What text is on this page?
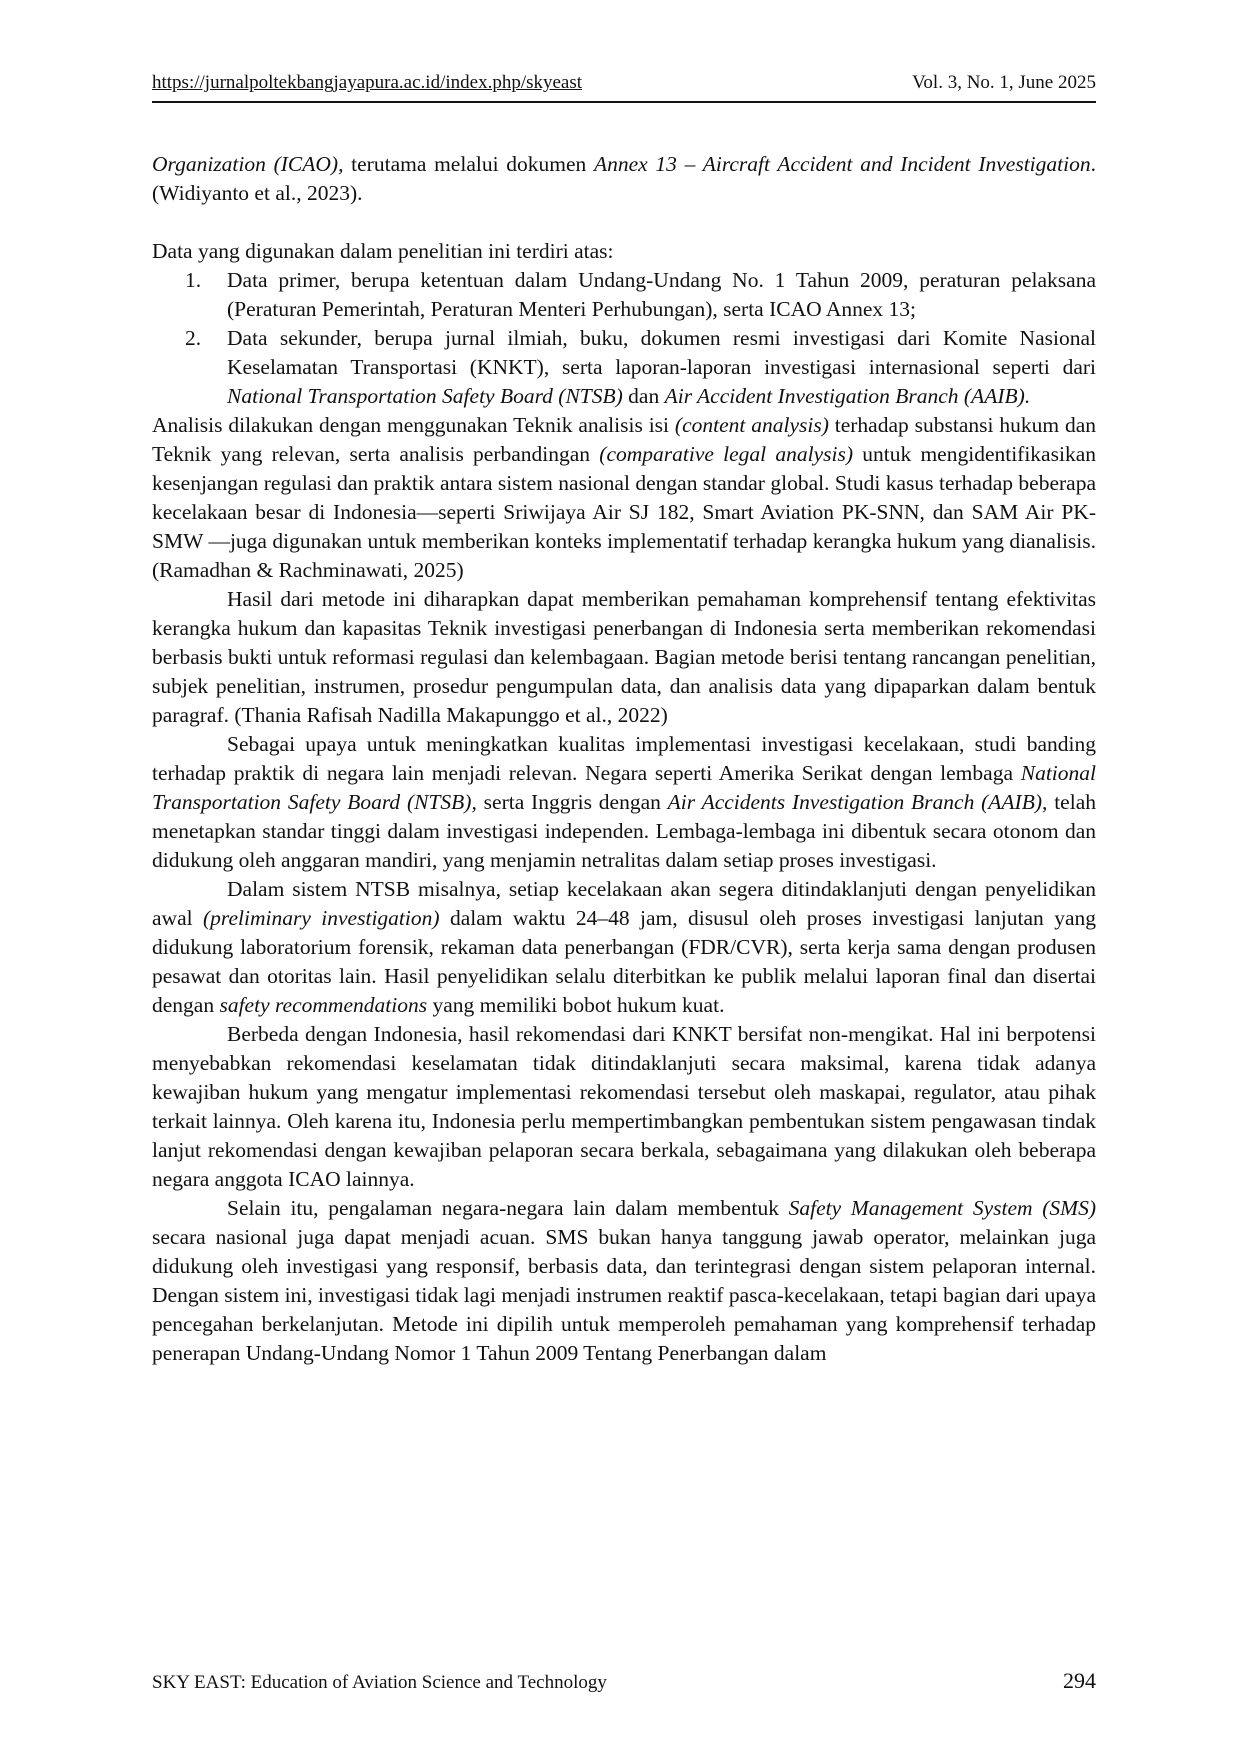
https://jurnalpoltekbangjayapura.ac.id/index.php/skyeast	Vol. 3, No. 1, June 2025

Organization (ICAO), terutama melalui dokumen Annex 13 – Aircraft Accident and Incident Investigation. (Widiyanto et al., 2023).

Data yang digunakan dalam penelitian ini terdiri atas:

1. Data primer, berupa ketentuan dalam Undang-Undang No. 1 Tahun 2009, peraturan pelaksana (Peraturan Pemerintah, Peraturan Menteri Perhubungan), serta ICAO Annex 13;
2. Data sekunder, berupa jurnal ilmiah, buku, dokumen resmi investigasi dari Komite Nasional Keselamatan Transportasi (KNKT), serta laporan-laporan investigasi internasional seperti dari National Transportation Safety Board (NTSB) dan Air Accident Investigation Branch (AAIB).

Analisis dilakukan dengan menggunakan Teknik analisis isi (content analysis) terhadap substansi hukum dan Teknik yang relevan, serta analisis perbandingan (comparative legal analysis) untuk mengidentifikasikan kesenjangan regulasi dan praktik antara sistem nasional dengan standar global. Studi kasus terhadap beberapa kecelakaan besar di Indonesia—seperti Sriwijaya Air SJ 182, Smart Aviation PK-SNN, dan SAM Air PK-SMW —juga digunakan untuk memberikan konteks implementatif terhadap kerangka hukum yang dianalisis. (Ramadhan & Rachminawati, 2025)

Hasil dari metode ini diharapkan dapat memberikan pemahaman komprehensif tentang efektivitas kerangka hukum dan kapasitas Teknik investigasi penerbangan di Indonesia serta memberikan rekomendasi berbasis bukti untuk reformasi regulasi dan kelembagaan. Bagian metode berisi tentang rancangan penelitian, subjek penelitian, instrumen, prosedur pengumpulan data, dan analisis data yang dipaparkan dalam bentuk paragraf. (Thania Rafisah Nadilla Makapunggo et al., 2022)

Sebagai upaya untuk meningkatkan kualitas implementasi investigasi kecelakaan, studi banding terhadap praktik di negara lain menjadi relevan. Negara seperti Amerika Serikat dengan lembaga National Transportation Safety Board (NTSB), serta Inggris dengan Air Accidents Investigation Branch (AAIB), telah menetapkan standar tinggi dalam investigasi independen. Lembaga-lembaga ini dibentuk secara otonom dan didukung oleh anggaran mandiri, yang menjamin netralitas dalam setiap proses investigasi.

Dalam sistem NTSB misalnya, setiap kecelakaan akan segera ditindaklanjuti dengan penyelidikan awal (preliminary investigation) dalam waktu 24–48 jam, disusul oleh proses investigasi lanjutan yang didukung laboratorium forensik, rekaman data penerbangan (FDR/CVR), serta kerja sama dengan produsen pesawat dan otoritas lain. Hasil penyelidikan selalu diterbitkan ke publik melalui laporan final dan disertai dengan safety recommendations yang memiliki bobot hukum kuat.

Berbeda dengan Indonesia, hasil rekomendasi dari KNKT bersifat non-mengikat. Hal ini berpotensi menyebabkan rekomendasi keselamatan tidak ditindaklanjuti secara maksimal, karena tidak adanya kewajiban hukum yang mengatur implementasi rekomendasi tersebut oleh maskapai, regulator, atau pihak terkait lainnya. Oleh karena itu, Indonesia perlu mempertimbangkan pembentukan sistem pengawasan tindak lanjut rekomendasi dengan kewajiban pelaporan secara berkala, sebagaimana yang dilakukan oleh beberapa negara anggota ICAO lainnya.

Selain itu, pengalaman negara-negara lain dalam membentuk Safety Management System (SMS) secara nasional juga dapat menjadi acuan. SMS bukan hanya tanggung jawab operator, melainkan juga didukung oleh investigasi yang responsif, berbasis data, dan terintegrasi dengan sistem pelaporan internal. Dengan sistem ini, investigasi tidak lagi menjadi instrumen reaktif pasca-kecelakaan, tetapi bagian dari upaya pencegahan berkelanjutan. Metode ini dipilih untuk memperoleh pemahaman yang komprehensif terhadap penerapan Undang-Undang Nomor 1 Tahun 2009 Tentang Penerbangan dalam

SKY EAST: Education of Aviation Science and Technology	294
